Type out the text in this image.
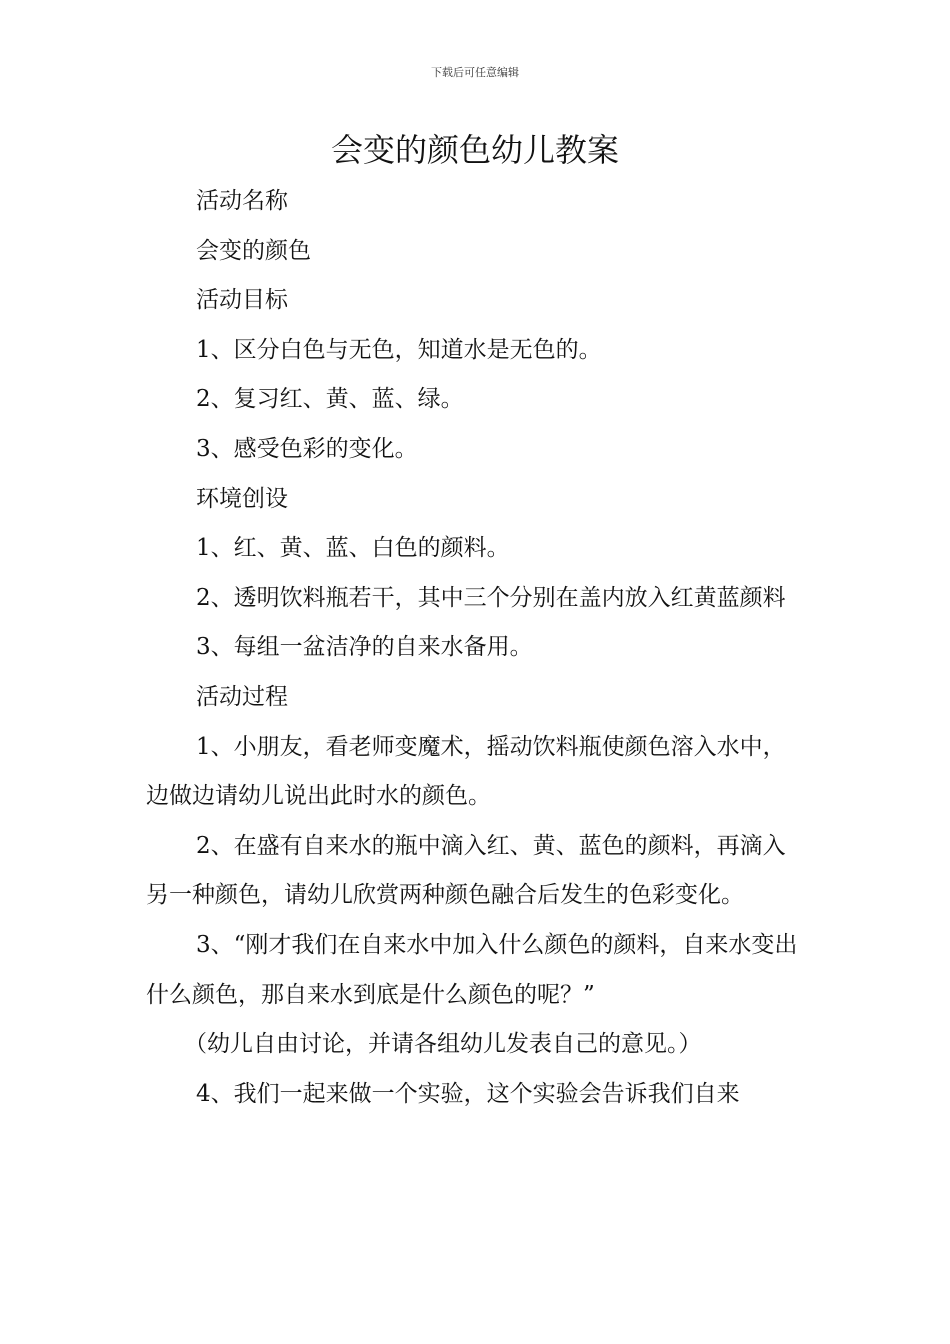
下载后可任意编辑
会变的颜色幼儿教案

活动名称

会变的颜色

活动目标

1、区分白色与无色，知道水是无色的。

2、复习红、黄、蓝、绿。

3、感受色彩的变化。

环境创设

1、红、黄、蓝、白色的颜料。

2、透明饮料瓶若干，其中三个分别在盖内放入红黄蓝颜料

3、每组一盆洁净的自来水备用。

活动过程

1、小朋友，看老师变魔术，摇动饮料瓶使颜色溶入水中，边做边请幼儿说出此时水的颜色。

2、在盛有自来水的瓶中滴入红、黄、蓝色的颜料，再滴入另一种颜色，请幼儿欣赏两种颜色融合后发生的色彩变化。

3、“刚才我们在自来水中加入什么颜色的颜料，自来水变出什么颜色，那自来水到底是什么颜色的呢？”

（幼儿自由讨论，并请各组幼儿发表自己的意见。）

4、我们一起来做一个实验，这个实验会告诉我们自来
